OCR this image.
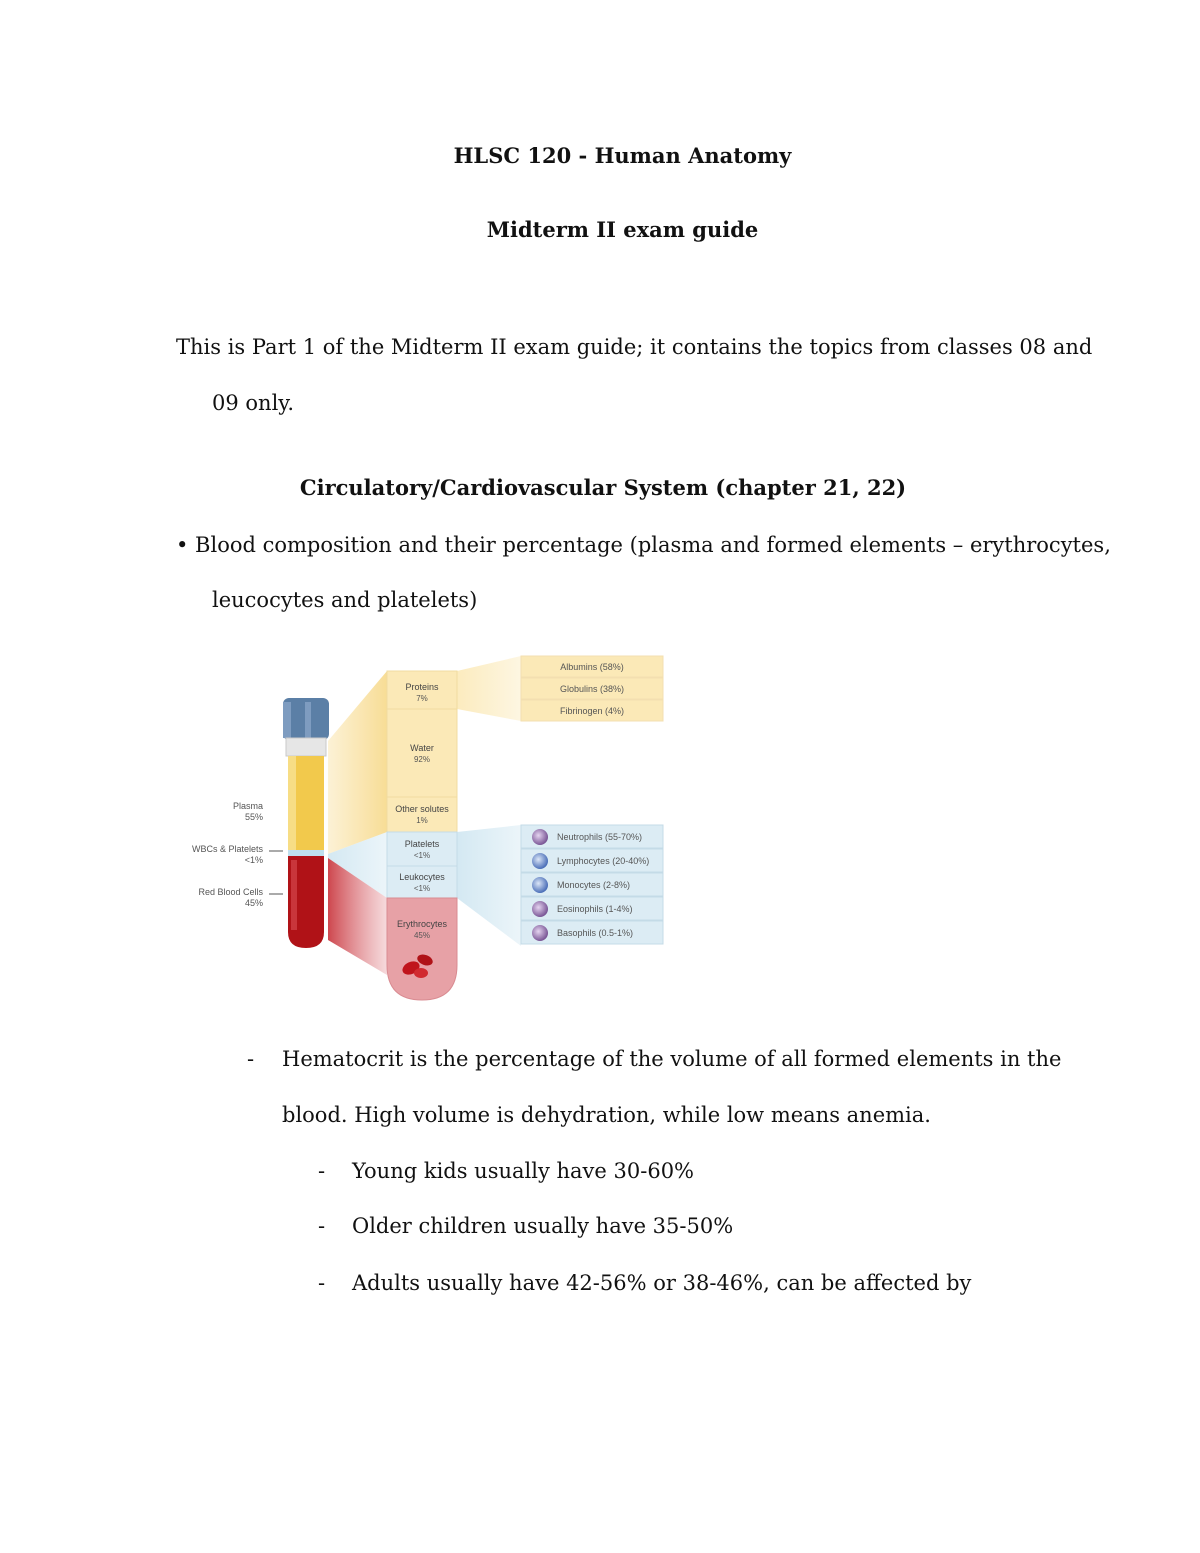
HLSC 120 - Human Anatomy
Midterm II exam guide
This is Part 1 of the Midterm II exam guide; it contains the topics from classes 08 and
09 only.
Circulatory/Cardiovascular System (chapter 21, 22)
• Blood composition and their percentage (plasma and formed elements – erythrocytes,
leucocytes and platelets)
Plasma
55%
WBCs & Platelets
<1%
Red Blood Cells
45%
Proteins
7%
Water
92%
Other solutes
1%
Platelets
<1%
Leukocytes
<1%
Erythrocytes
45%
Albumins (58%)
Globulins (38%)
Fibrinogen (4%)
Neutrophils (55-70%)
Lymphocytes (20-40%)
Monocytes (2-8%)
Eosinophils (1-4%)
Basophils (0.5-1%)
- Hematocrit is the percentage of the volume of all formed elements in the
blood. High volume is dehydration, while low means anemia.
- Young kids usually have 30-60%
- Older children usually have 35-50%
- Adults usually have 42-56% or 38-46%, can be affected by
